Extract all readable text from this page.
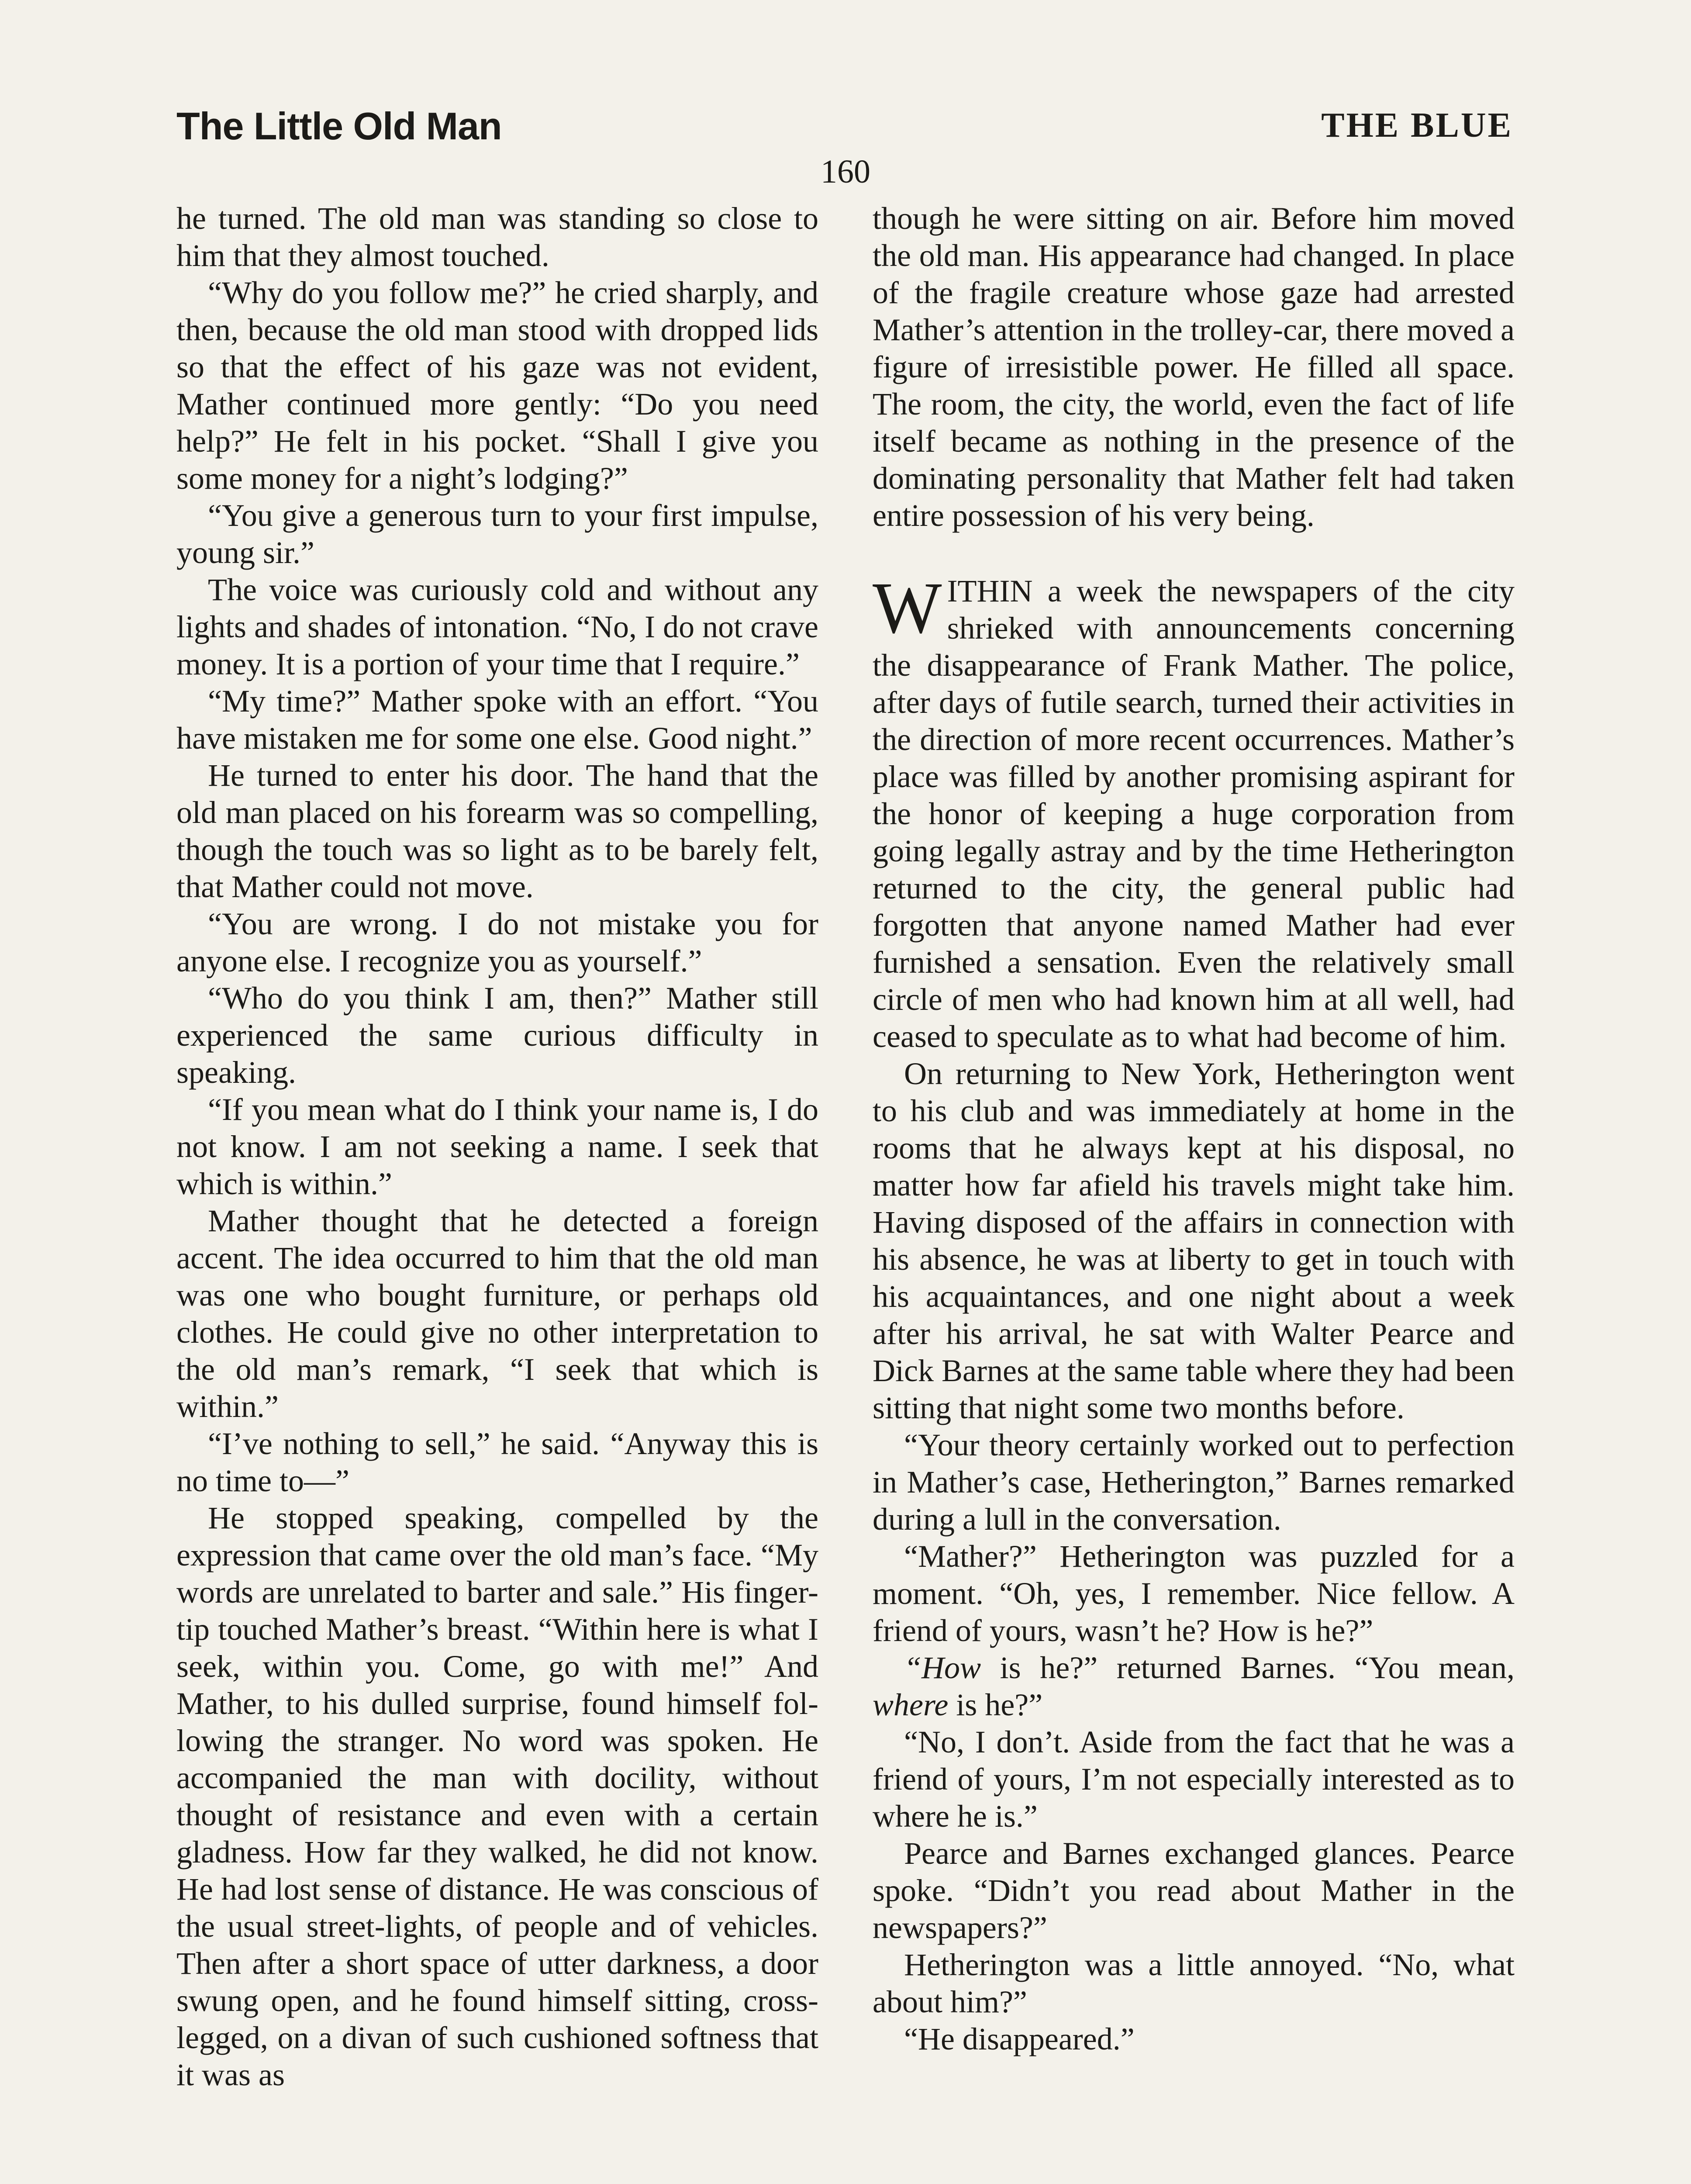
The Little Old Man	THE BLUE
160

he turned. The old man was standing so close to him that they almost touched.

“Why do you follow me?” he cried sharply, and then, because the old man stood with dropped lids so that the effect of his gaze was not evident, Mather continued more gently: “Do you need help?” He felt in his pocket. “Shall I give you some money for a night’s lodging?”

“You give a generous turn to your first impulse, young sir.”

The voice was curiously cold and without any lights and shades of intonation. “No, I do not crave money. It is a portion of your time that I require.”

“My time?” Mather spoke with an effort. “You have mistaken me for some one else. Good night.”

He turned to enter his door. The hand that the old man placed on his forearm was so compelling, though the touch was so light as to be barely felt, that Mather could not move.

“You are wrong. I do not mistake you for anyone else. I recognize you as yourself.”

“Who do you think I am, then?” Mather still experienced the same curious difficulty in speaking.

“If you mean what do I think your name is, I do not know. I am not seeking a name. I seek that which is within.”

Mather thought that he detected a foreign accent. The idea occurred to him that the old man was one who bought furniture, or perhaps old clothes. He could give no other interpretation to the old man’s remark, “I seek that which is within.”

“I’ve nothing to sell,” he said. “Anyway this is no time to—”

He stopped speaking, compelled by the expression that came over the old man’s face. “My words are unrelated to barter and sale.” His finger-tip touched Mather’s breast. “Within here is what I seek, within you. Come, go with me!” And Mather, to his dulled surprise, found himself following the stranger. No word was spoken. He accompanied the man with docility, without thought of resistance and even with a certain gladness. How far they walked, he did not know. He had lost sense of distance. He was conscious of the usual street-lights, of people and of vehicles. Then after a short space of utter darkness, a door swung open, and he found himself sitting, cross-legged, on a divan of such cushioned softness that it was as

though he were sitting on air. Before him moved the old man. His appearance had changed. In place of the fragile creature whose gaze had arrested Mather’s attention in the trolley-car, there moved a figure of irresistible power. He filled all space. The room, the city, the world, even the fact of life itself became as nothing in the presence of the dominating personality that Mather felt had taken entire possession of his very being.

WITHIN a week the newspapers of the city shrieked with announcements concerning the disappearance of Frank Mather. The police, after days of futile search, turned their activities in the direction of more recent occurrences. Mather’s place was filled by another promising aspirant for the honor of keeping a huge corporation from going legally astray and by the time Hetherington returned to the city, the general public had forgotten that anyone named Mather had ever furnished a sensation. Even the relatively small circle of men who had known him at all well, had ceased to speculate as to what had become of him.

On returning to New York, Hetherington went to his club and was immediately at home in the rooms that he always kept at his disposal, no matter how far afield his travels might take him. Having disposed of the affairs in connection with his absence, he was at liberty to get in touch with his acquaintances, and one night about a week after his arrival, he sat with Walter Pearce and Dick Barnes at the same table where they had been sitting that night some two months before.

“Your theory certainly worked out to perfection in Mather’s case, Hetherington,” Barnes remarked during a lull in the conversation.

“Mather?” Hetherington was puzzled for a moment. “Oh, yes, I remember. Nice fellow. A friend of yours, wasn’t he? How is he?”

“How is he?” returned Barnes. “You mean, where is he?”

“No, I don’t. Aside from the fact that he was a friend of yours, I’m not especially interested as to where he is.”

Pearce and Barnes exchanged glances. Pearce spoke. “Didn’t you read about Mather in the newspapers?”

Hetherington was a little annoyed. “No, what about him?”

“He disappeared.”
